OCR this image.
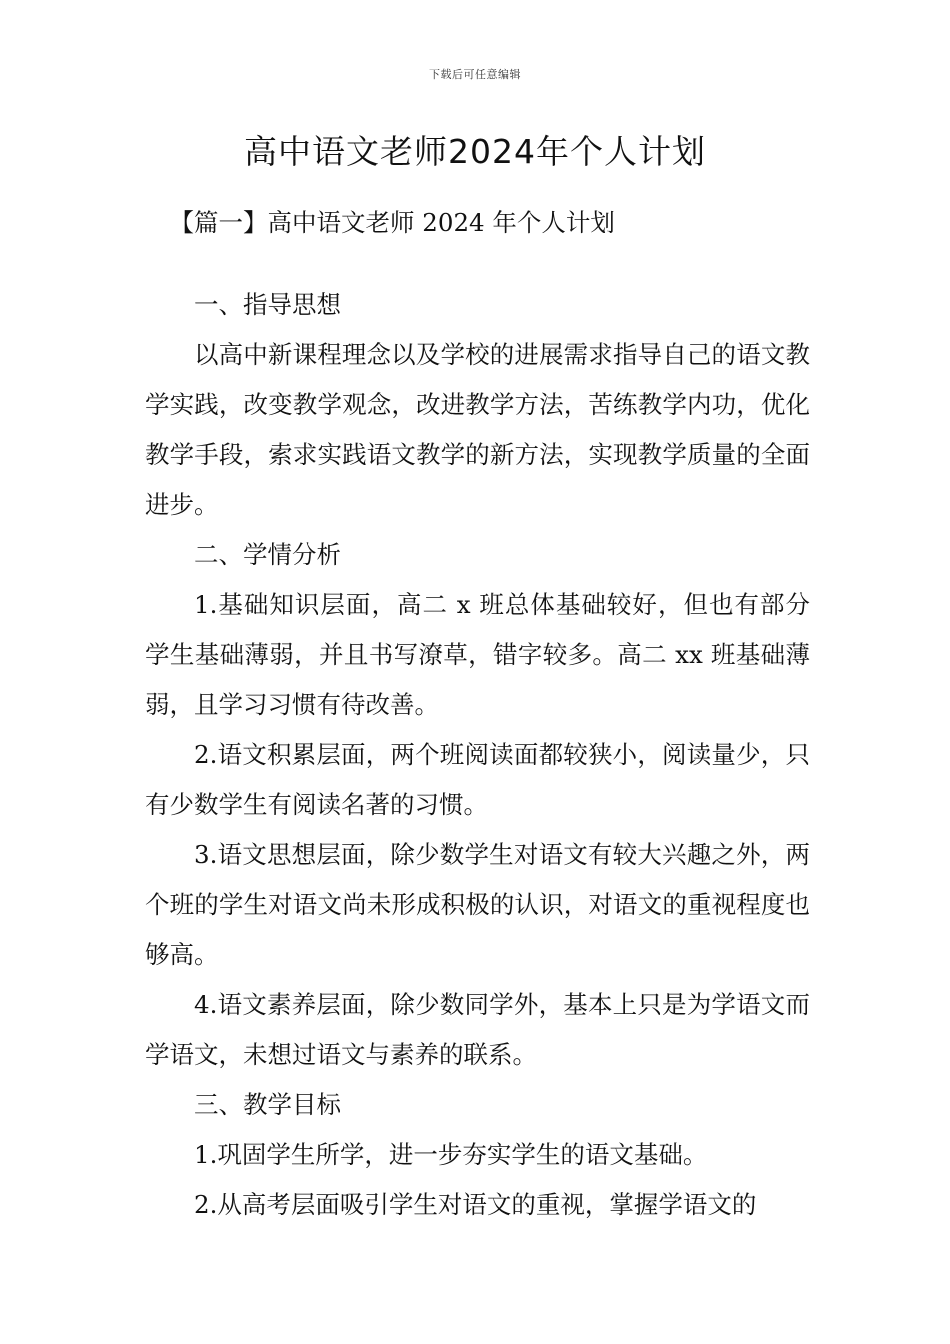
下载后可任意编辑
高中语文老师2024年个人计划

【篇一】高中语文老师 2024 年个人计划

一、指导思想

以高中新课程理念以及学校的进展需求指导自己的语文教学实践，改变教学观念，改进教学方法，苦练教学内功，优化教学手段，索求实践语文教学的新方法，实现教学质量的全面进步。

二、学情分析

1.基础知识层面，高二 x 班总体基础较好，但也有部分学生基础薄弱，并且书写潦草，错字较多。高二 xx 班基础薄弱，且学习习惯有待改善。

2.语文积累层面，两个班阅读面都较狭小，阅读量少，只有少数学生有阅读名著的习惯。

3.语文思想层面，除少数学生对语文有较大兴趣之外，两个班的学生对语文尚未形成积极的认识，对语文的重视程度也够高。

4.语文素养层面，除少数同学外，基本上只是为学语文而学语文，未想过语文与素养的联系。

三、教学目标

1.巩固学生所学，进一步夯实学生的语文基础。

2.从高考层面吸引学生对语文的重视，掌握学语文的
